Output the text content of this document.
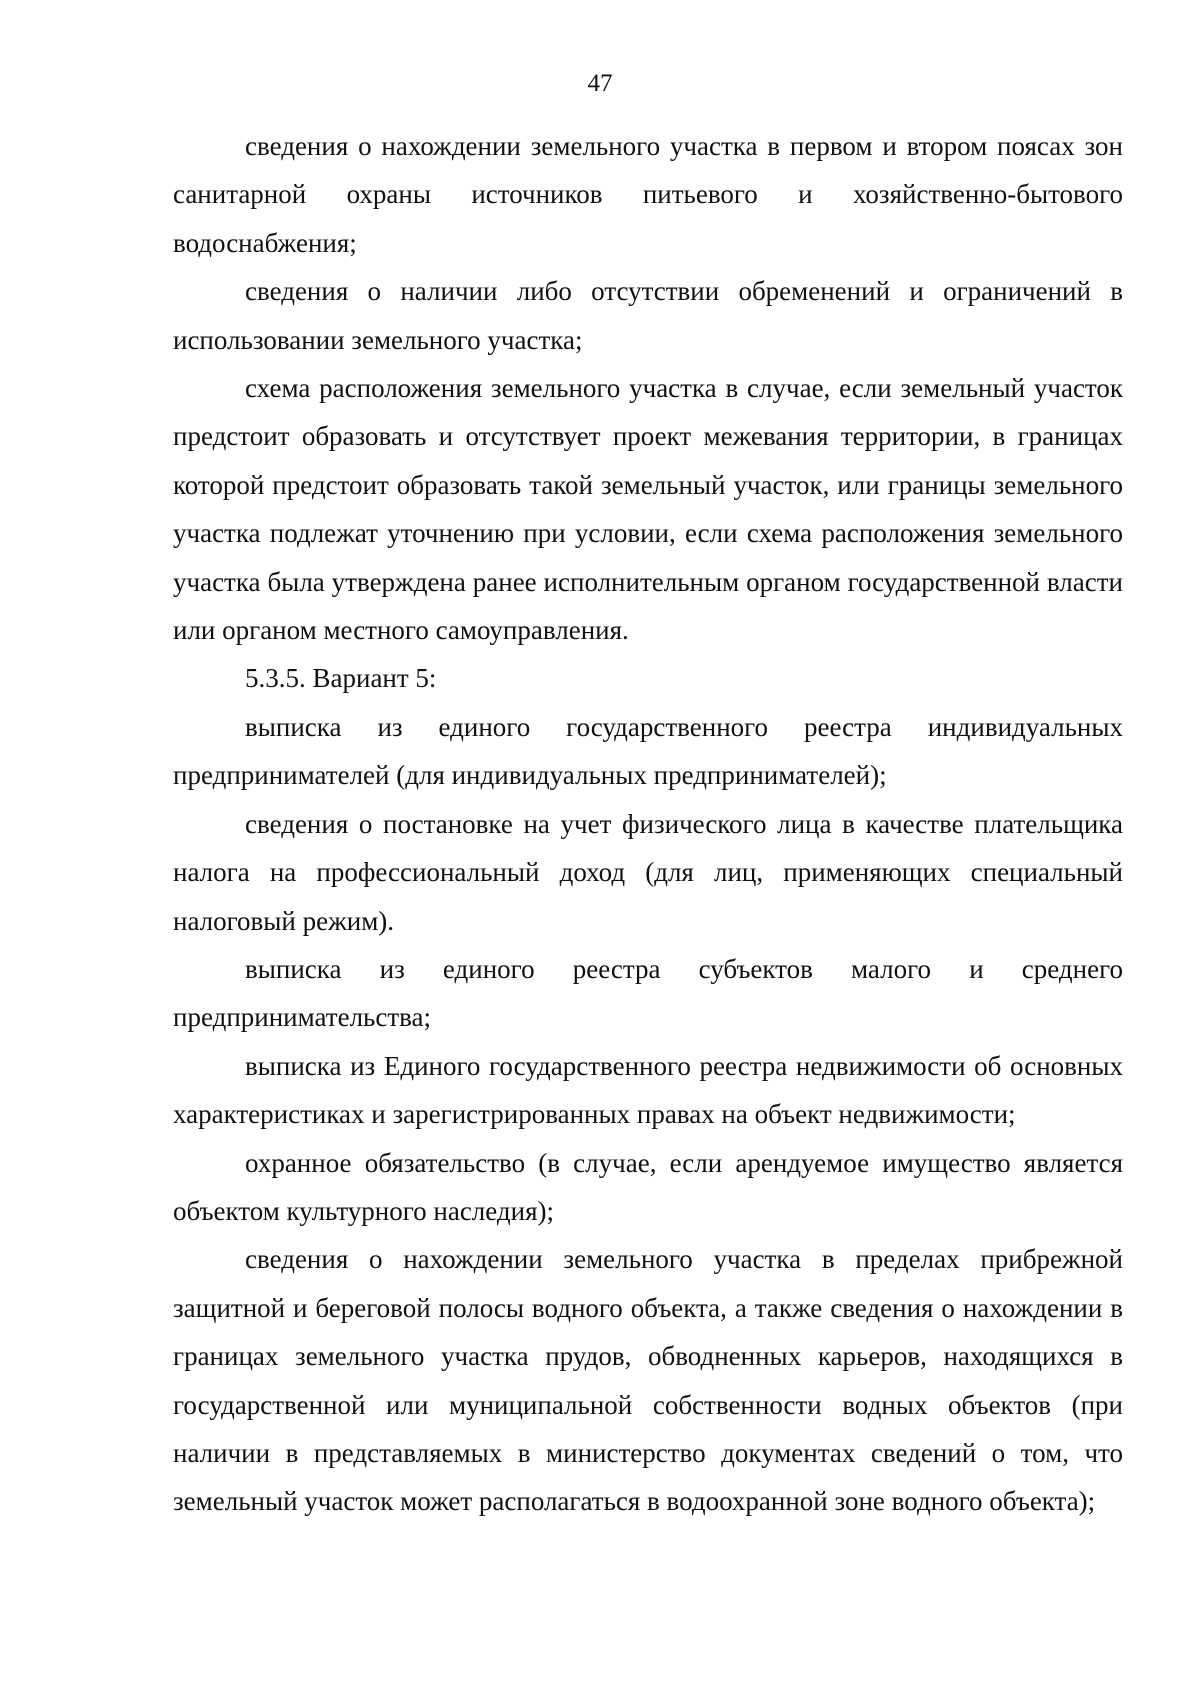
47

сведения о нахождении земельного участка в первом и втором поясах зон санитарной охраны источников питьевого и хозяйственно-бытового водоснабжения;

сведения о наличии либо отсутствии обременений и ограничений в использовании земельного участка;

схема расположения земельного участка в случае, если земельный участок предстоит образовать и отсутствует проект межевания территории, в границах которой предстоит образовать такой земельный участок, или границы земельного участка подлежат уточнению при условии, если схема расположения земельного участка была утверждена ранее исполнительным органом государственной власти или органом местного самоуправления.

5.3.5. Вариант 5:

выписка из единого государственного реестра индивидуальных предпринимателей (для индивидуальных предпринимателей);

сведения о постановке на учет физического лица в качестве плательщика налога на профессиональный доход (для лиц, применяющих специальный налоговый режим).

выписка из единого реестра субъектов малого и среднего предпринимательства;

выписка из Единого государственного реестра недвижимости об основных характеристиках и зарегистрированных правах на объект недвижимости;

охранное обязательство (в случае, если арендуемое имущество является объектом культурного наследия);

сведения о нахождении земельного участка в пределах прибрежной защитной и береговой полосы водного объекта, а также сведения о нахождении в границах земельного участка прудов, обводненных карьеров, находящихся в государственной или муниципальной собственности водных объектов (при наличии в представляемых в министерство документах сведений о том, что земельный участок может располагаться в водоохранной зоне водного объекта);
